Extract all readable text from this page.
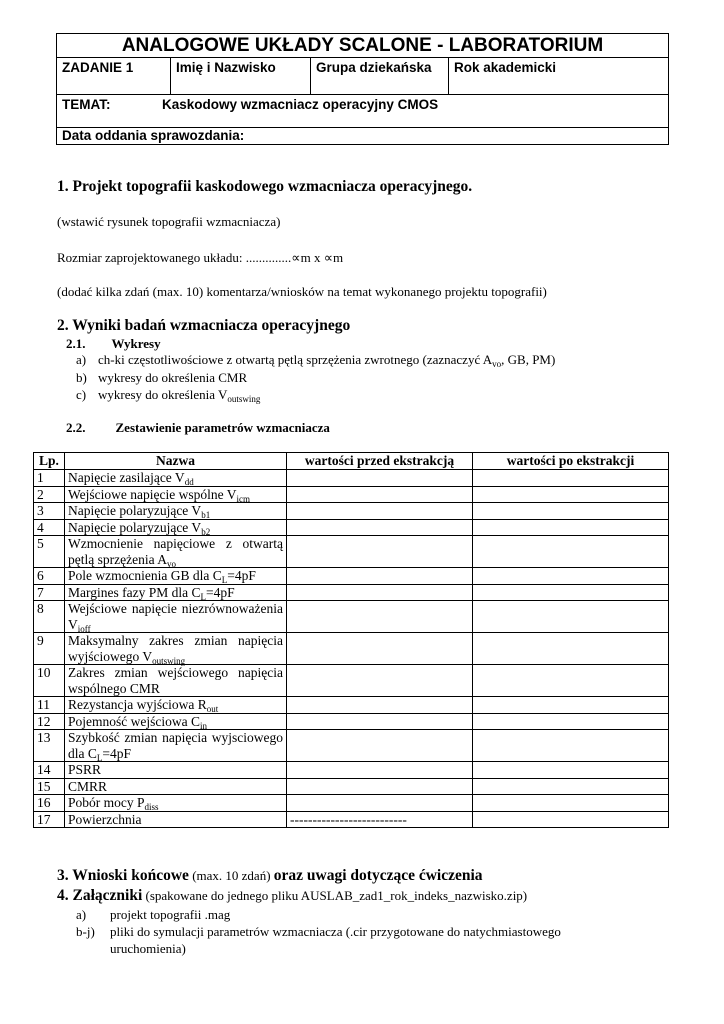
ANALOGOWE UKŁADY SCALONE - LABORATORIUM
ZADANIE 1	Imię i Nazwisko	Grupa dziekańska	Rok akademicki
TEMAT:	Kaskodowy wzmacniacz operacyjny CMOS
Data oddania sprawozdania:
1. Projekt topografii kaskodowego wzmacniacza operacyjnego.
(wstawić rysunek topografii wzmacniacza)
Rozmiar zaprojektowanego układu: ..............∝m x ∝m
(dodać kilka zdań (max. 10) komentarza/wniosków na temat wykonanego projektu topografii)
2. Wyniki badań wzmacniacza operacyjnego
2.1. Wykresy
a) ch-ki częstotliwościowe z otwartą pętlą sprzężenia zwrotnego (zaznaczyć $A_{vo}$, GB, PM)
b) wykresy do określenia CMR
c) wykresy do określenia $V_{outswing}$
2.2. Zestawienie parametrów wzmacniacza
Lp.	Nazwa	wartości przed ekstrakcją	wartości po ekstrakcji
1	Napięcie zasilające $V_{dd}$		
2	Wejściowe napięcie wspólne $V_{icm}$		
3	Napięcie polaryzujące $V_{b1}$		
4	Napięcie polaryzujące $V_{b2}$		
5	Wzmocnienie napięciowe z otwartą pętlą sprzężenia $A_{vo}$		
6	Pole wzmocnienia GB dla $C_L=4pF$		
7	Margines fazy PM dla $C_L=4pF$		
8	Wejściowe napięcie niezrównoważenia $V_{ioff}$		
9	Maksymalny zakres zmian napięcia wyjściowego $V_{outswing}$		
10	Zakres zmian wejściowego napięcia wspólnego CMR		
11	Rezystancja wyjściowa $R_{out}$		
12	Pojemność wejściowa $C_{in}$		
13	Szybkość zmian napięcia wyjscioweg​o dla $C_L=4pF$		
14	PSRR		
15	CMRR		
16	Pobór mocy $P_{diss}$		
17	Powierzchnia	--------------------------	
3. Wnioski końcowe (max. 10 zdań) oraz uwagi dotyczące ćwiczenia
4. Załączniki (spakowane do jednego pliku AUSLAB_zad1_rok_indeks_nazwisko.zip)
a) projekt topografii .mag
b-j) pliki do symulacji parametrów wzmacniacza (.cir przygotowane do natychmiastowego
uruchomienia)
